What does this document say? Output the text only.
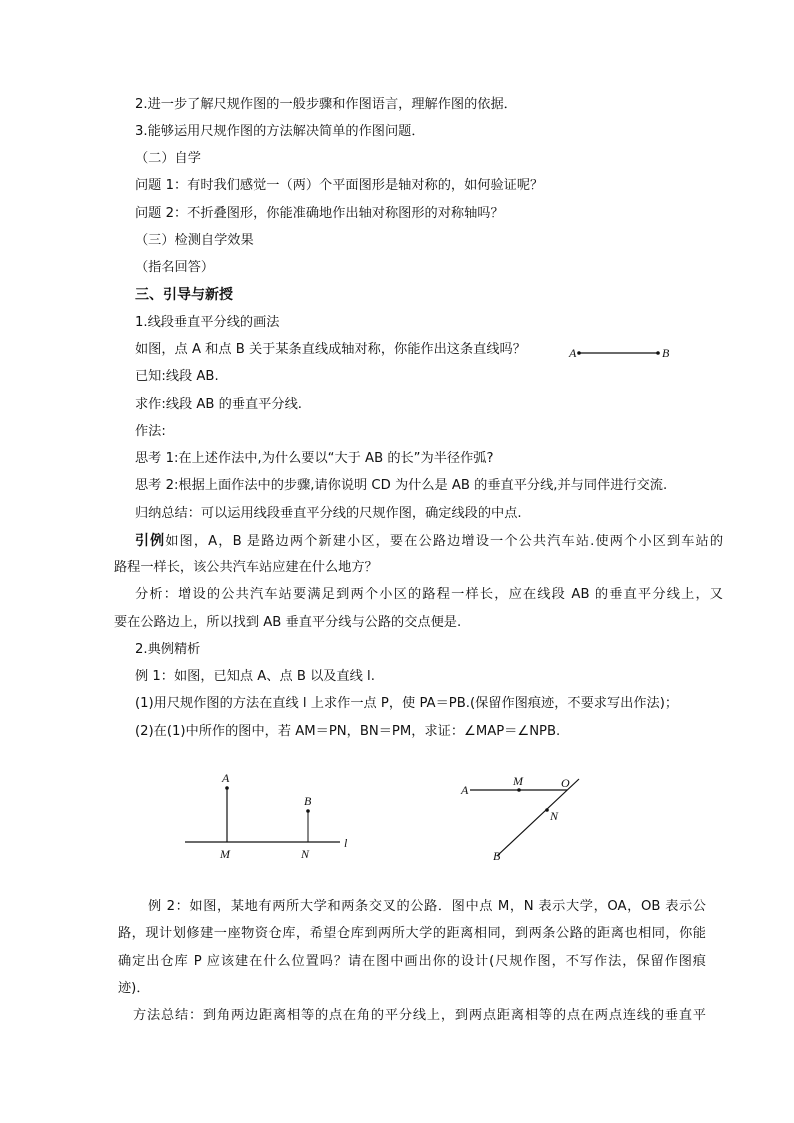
2.进一步了解尺规作图的一般步骤和作图语言，理解作图的依据．
3.能够运用尺规作图的方法解决简单的作图问题．
（二）自学
问题 1：有时我们感觉一（两）个平面图形是轴对称的，如何验证呢？
问题 2：不折叠图形，你能准确地作出轴对称图形的对称轴吗？
（三）检测自学效果
（指名回答）
三、引导与新授
1.线段垂直平分线的画法
如图，点 A 和点 B 关于某条直线成轴对称，你能作出这条直线吗？	A	B
已知:线段 AB.
求作:线段 AB 的垂直平分线.
作法:
思考 1:在上述作法中,为什么要以“大于 AB 的长”为半径作弧?
思考 2:根据上面作法中的步骤,请你说明 CD 为什么是 AB 的垂直平分线,并与同伴进行交流.
归纳总结：可以运用线段垂直平分线的尺规作图，确定线段的中点.
引例如图，A，B 是路边两个新建小区，要在公路边增设一个公共汽车站.使两个小区到车站的
路程一样长，该公共汽车站应建在什么地方？
分析：增设的公共汽车站要满足到两个小区的路程一样长，应在线段 AB 的垂直平分线上，又
要在公路边上，所以找到 AB 垂直平分线与公路的交点便是.
2.典例精析
例 1：如图，已知点 A、点 B 以及直线 l.
(1)用尺规作图的方法在直线 l 上求作一点 P，使 PA＝PB.(保留作图痕迹，不要求写出作法)；
(2)在(1)中所作的图中，若 AM＝PN，BN＝PM，求证：∠MAP＝∠NPB.
A
B
M	N
l
A
M	O
N
B
例 2：如图，某地有两所大学和两条交叉的公路．图中点 M，N 表示大学，OA，OB 表示公
路，现计划修建一座物资仓库，希望仓库到两所大学的距离相同，到两条公路的距离也相同，你能
确定出仓库 P 应该建在什么位置吗？请在图中画出你的设计(尺规作图，不写作法，保留作图痕
迹)．
方法总结：到角两边距离相等的点在角的平分线上，到两点距离相等的点在两点连线的垂直平
